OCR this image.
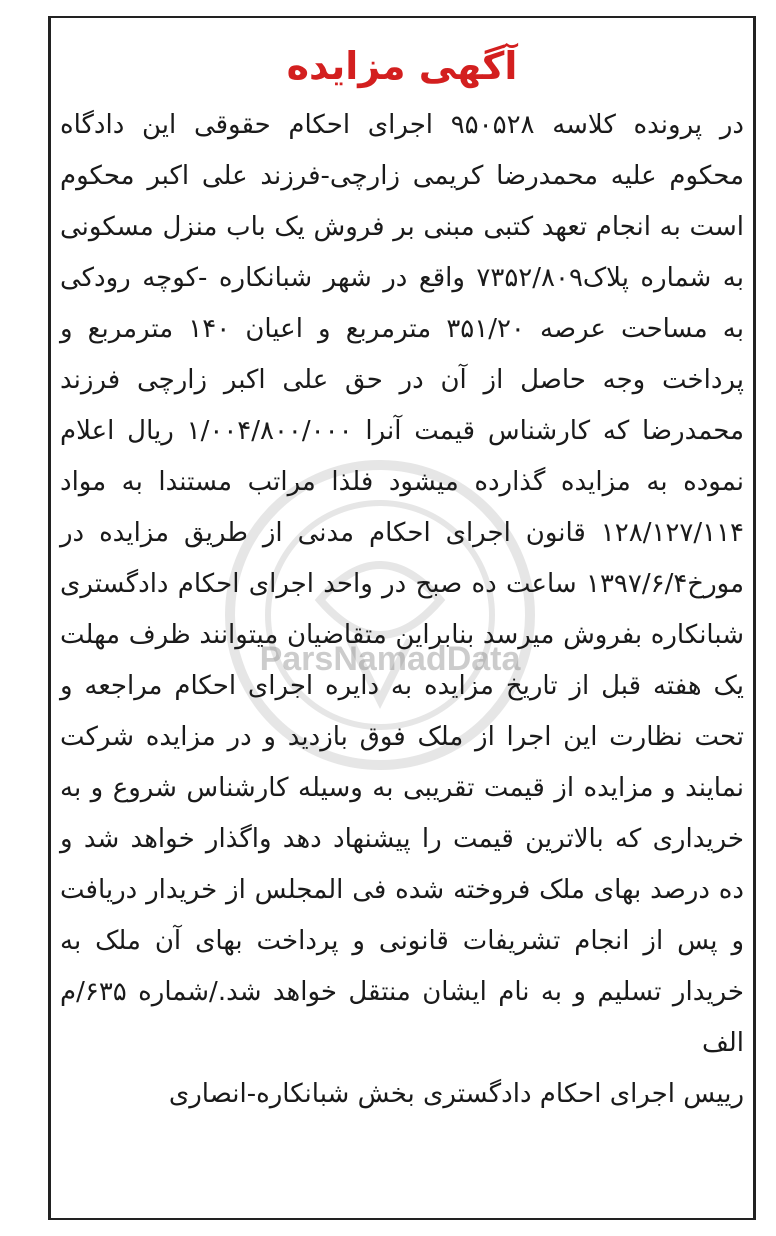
ParsNamadData
آگهی مزایده

در پرونده کلاسه ۹۵۰۵۲۸ اجرای احکام حقوقی این دادگاه محکوم علیه محمدرضا کریمی زارچی-فرزند علی اکبر محکوم است به انجام تعهد کتبی مبنی بر فروش یک باب منزل مسکونی به شماره پلاک۷۳۵۲/۸۰۹ واقع در شهر شبانکاره -کوچه رودکی به مساحت عرصه ۳۵۱/۲۰ مترمربع و اعیان ۱۴۰ مترمربع و پرداخت وجه حاصل از آن در حق علی اکبر زارچی فرزند محمدرضا که کارشناس قیمت آنرا ۱/۰۰۴/۸۰۰/۰۰۰ ریال اعلام نموده به مزایده گذارده میشود فلذا مراتب مستندا به مواد ۱۲۸/۱۲۷/۱۱۴ قانون اجرای احکام مدنی از طریق مزایده در مورخ۱۳۹۷/۶/۴ ساعت ده صبح در واحد اجرای احکام دادگستری شبانکاره بفروش میرسد بنابراین متقاضیان میتوانند ظرف مهلت یک هفته قبل از تاریخ مزایده به دایره اجرای احکام مراجعه و تحت نظارت این اجرا از ملک فوق بازدید و در مزایده شرکت نمایند و مزایده از قیمت تقریبی به وسیله کارشناس شروع و به خریداری که بالاترین قیمت را پیشنهاد دهد واگذار خواهد شد و ده درصد بهای ملک فروخته شده فی المجلس از خریدار دریافت و پس از انجام تشریفات قانونی و پرداخت بهای آن ملک به خریدار تسلیم و به نام ایشان منتقل خواهد شد./شماره ۶۳۵/م الف

رییس اجرای احکام دادگستری بخش شبانکاره-انصاری
